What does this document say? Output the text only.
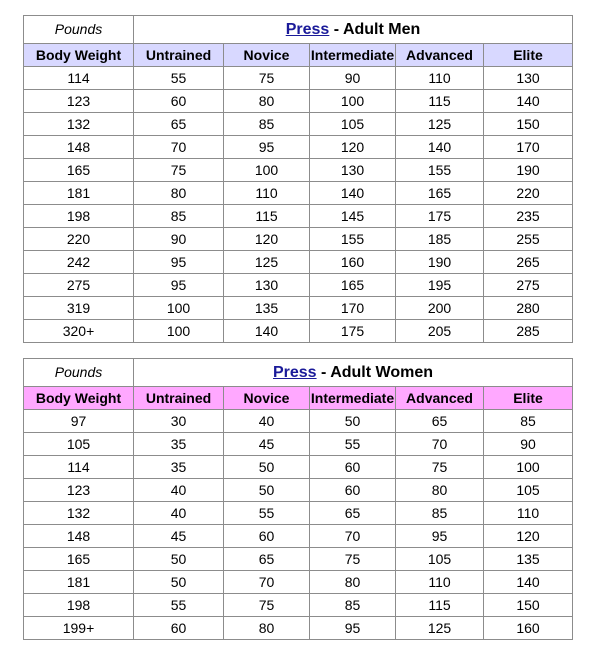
Pounds	Press - Adult Men				
Body Weight	Untrained	Novice	Intermediate	Advanced	Elite
114	55	75	90	110	130
123	60	80	100	115	140
132	65	85	105	125	150
148	70	95	120	140	170
165	75	100	130	155	190
181	80	110	140	165	220
198	85	115	145	175	235
220	90	120	155	185	255
242	95	125	160	190	265
275	95	130	165	195	275
319	100	135	170	200	280
320+	100	140	175	205	285
Pounds	Press - Adult Women				
Body Weight	Untrained	Novice	Intermediate	Advanced	Elite
97	30	40	50	65	85
105	35	45	55	70	90
114	35	50	60	75	100
123	40	50	60	80	105
132	40	55	65	85	110
148	45	60	70	95	120
165	50	65	75	105	135
181	50	70	80	110	140
198	55	75	85	115	150
199+	60	80	95	125	160
